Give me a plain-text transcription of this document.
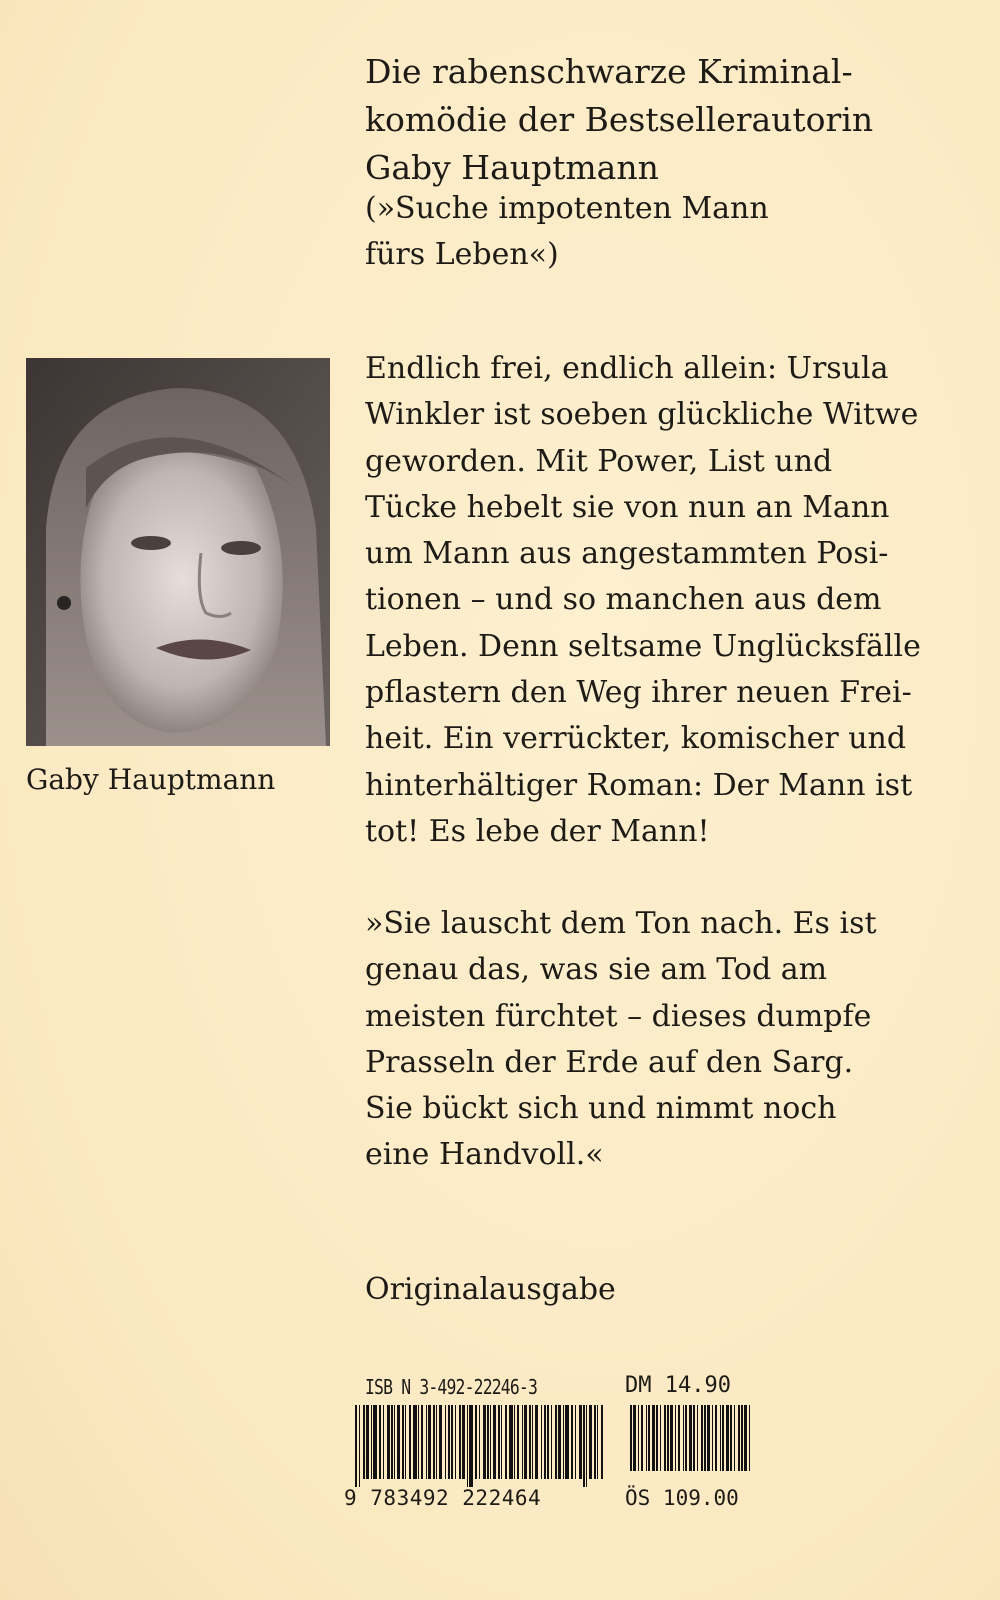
Die rabenschwarze Kriminal-
komödie der Bestsellerautorin
Gaby Hauptmann

(»Suche impotenten Mann
fürs Leben«)

Gaby Hauptmann

Endlich frei, endlich allein: Ursula
Winkler ist soeben glückliche Witwe
geworden. Mit Power, List und
Tücke hebelt sie von nun an Mann
um Mann aus angestammten Posi-
tionen – und so manchen aus dem
Leben. Denn seltsame Unglücksfälle
pflastern den Weg ihrer neuen Frei-
heit. Ein verrückter, komischer und
hinterhältiger Roman: Der Mann ist
tot! Es lebe der Mann!

»Sie lauscht dem Ton nach. Es ist
genau das, was sie am Tod am
meisten fürchtet – dieses dumpfe
Prasseln der Erde auf den Sarg.
Sie bückt sich und nimmt noch
eine Handvoll.«

Originalausgabe

ISB N 3-492-22246-3	DM 14.90

9 783492 222464	ÖS 109.00
